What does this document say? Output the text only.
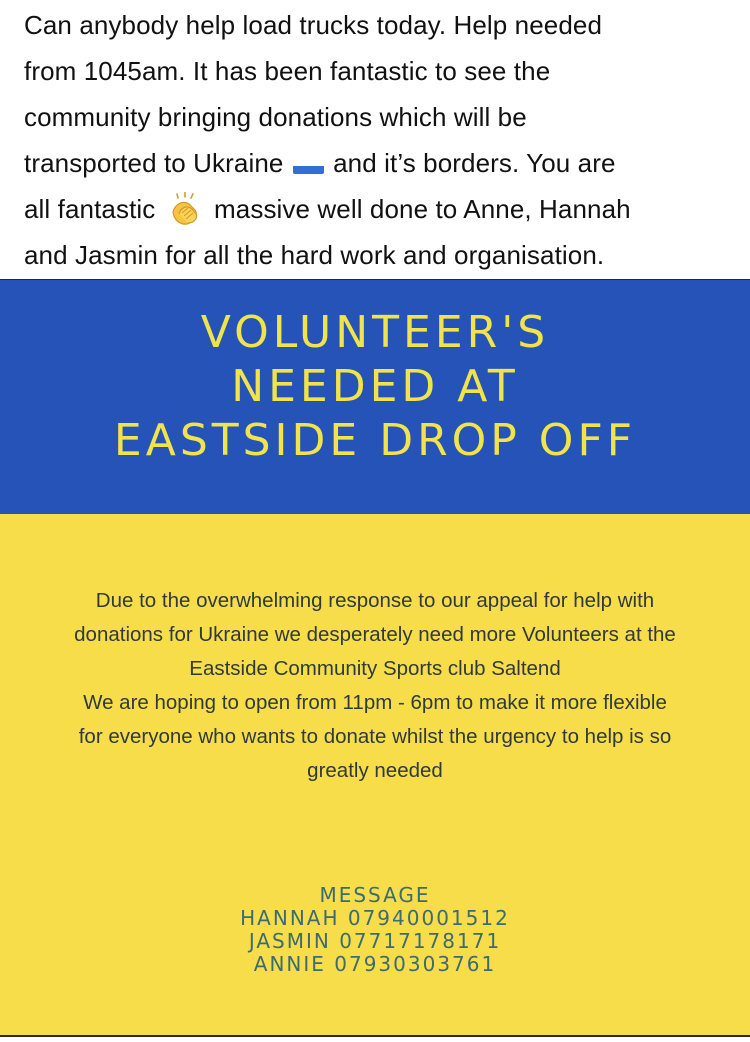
Can anybody help load trucks today. Help needed
from 1045am. It has been fantastic to see the
community bringing donations which will be
transported to Ukraine and it’s borders. You are
all fantastic massive well done to Anne, Hannah
and Jasmin for all the hard work and organisation.
VOLUNTEER'S
NEEDED AT
EASTSIDE DROP OFF
Due to the overwhelming response to our appeal for help with
donations for Ukraine we desperately need more Volunteers at the
Eastside Community Sports club Saltend
We are hoping to open from 11pm - 6pm to make it more flexible
for everyone who wants to donate whilst the urgency to help is so
greatly needed
MESSAGE
HANNAH 07940001512
JASMIN 07717178171
ANNIE 07930303761
